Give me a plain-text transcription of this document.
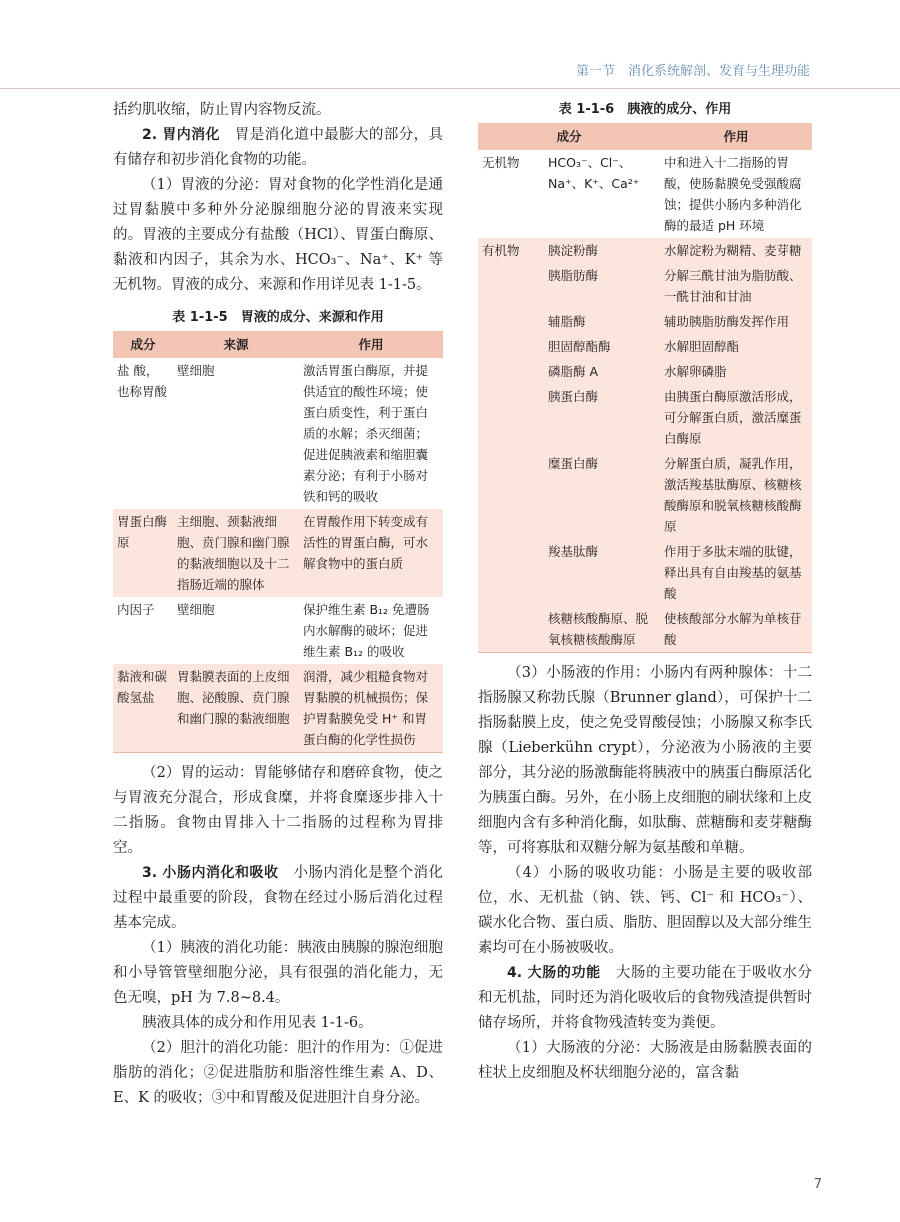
第一节　消化系统解剖、发育与生理功能

括约肌收缩，防止胃内容物反流。

2. 胃内消化　胃是消化道中最膨大的部分，具有储存和初步消化食物的功能。

（1）胃液的分泌：胃对食物的化学性消化是通过胃黏膜中多种外分泌腺细胞分泌的胃液来实现的。胃液的主要成分有盐酸（HCl）、胃蛋白酶原、黏液和内因子，其余为水、HCO₃⁻、Na⁺、K⁺ 等无机物。胃液的成分、来源和作用详见表 1-1-5。

表 1-1-5　胃液的成分、来源和作用
成分	来源	作用
盐 酸，也称胃酸	壁细胞	激活胃蛋白酶原，并提供适宜的酸性环境；使蛋白质变性，利于蛋白质的水解；杀灭细菌；促进促胰液素和缩胆囊素分泌；有利于小肠对铁和钙的吸收
胃蛋白酶原	主细胞、颈黏液细胞、贲门腺和幽门腺的黏液细胞以及十二指肠近端的腺体	在胃酸作用下转变成有活性的胃蛋白酶，可水解食物中的蛋白质
内因子	壁细胞	保护维生素 B₁₂ 免遭肠内水解酶的破坏；促进维生素 B₁₂ 的吸收
黏液和碳酸氢盐	胃黏膜表面的上皮细胞、泌酸腺、贲门腺和幽门腺的黏液细胞	润滑，减少粗糙食物对胃黏膜的机械损伤；保护胃黏膜免受 H⁺ 和胃蛋白酶的化学性损伤

（2）胃的运动：胃能够储存和磨碎食物，使之与胃液充分混合，形成食糜，并将食糜逐步排入十二指肠。食物由胃排入十二指肠的过程称为胃排空。

3. 小肠内消化和吸收　小肠内消化是整个消化过程中最重要的阶段，食物在经过小肠后消化过程基本完成。

（1）胰液的消化功能：胰液由胰腺的腺泡细胞和小导管管壁细胞分泌，具有很强的消化能力，无色无嗅，pH 为 7.8~8.4。

胰液具体的成分和作用见表 1-1-6。

（2）胆汁的消化功能：胆汁的作用为：①促进脂肪的消化；②促进脂肪和脂溶性维生素 A、D、E、K 的吸收；③中和胃酸及促进胆汁自身分泌。

表 1-1-6　胰液的成分、作用
成分		作用
无机物	HCO₃⁻、Cl⁻、Na⁺、K⁺、Ca²⁺	中和进入十二指肠的胃酸，使肠黏膜免受强酸腐蚀；提供小肠内多种消化酶的最适 pH 环境
有机物	胰淀粉酶	水解淀粉为糊精、麦芽糖
	胰脂肪酶	分解三酰甘油为脂肪酸、一酰甘油和甘油
	辅脂酶	辅助胰脂肪酶发挥作用
	胆固醇酯酶	水解胆固醇酯
	磷脂酶 A	水解卵磷脂
	胰蛋白酶	由胰蛋白酶原激活形成，可分解蛋白质，激活糜蛋白酶原
	糜蛋白酶	分解蛋白质，凝乳作用，激活羧基肽酶原、核糖核酸酶原和脱氧核糖核酸酶原
	羧基肽酶	作用于多肽末端的肽键，释出具有自由羧基的氨基酸
	核糖核酸酶原、脱氧核糖核酸酶原	使核酸部分水解为单核苷酸

（3）小肠液的作用：小肠内有两种腺体：十二指肠腺又称勃氏腺（Brunner gland），可保护十二指肠黏膜上皮，使之免受胃酸侵蚀；小肠腺又称李氏腺（Lieberkühn crypt），分泌液为小肠液的主要部分，其分泌的肠激酶能将胰液中的胰蛋白酶原活化为胰蛋白酶。另外，在小肠上皮细胞的刷状缘和上皮细胞内含有多种消化酶，如肽酶、蔗糖酶和麦芽糖酶等，可将寡肽和双糖分解为氨基酸和单糖。

（4）小肠的吸收功能：小肠是主要的吸收部位，水、无机盐（钠、铁、钙、Cl⁻ 和 HCO₃⁻）、碳水化合物、蛋白质、脂肪、胆固醇以及大部分维生素均可在小肠被吸收。

4. 大肠的功能　大肠的主要功能在于吸收水分和无机盐，同时还为消化吸收后的食物残渣提供暂时储存场所，并将食物残渣转变为粪便。

（1）大肠液的分泌：大肠液是由肠黏膜表面的柱状上皮细胞及杯状细胞分泌的，富含黏

7
